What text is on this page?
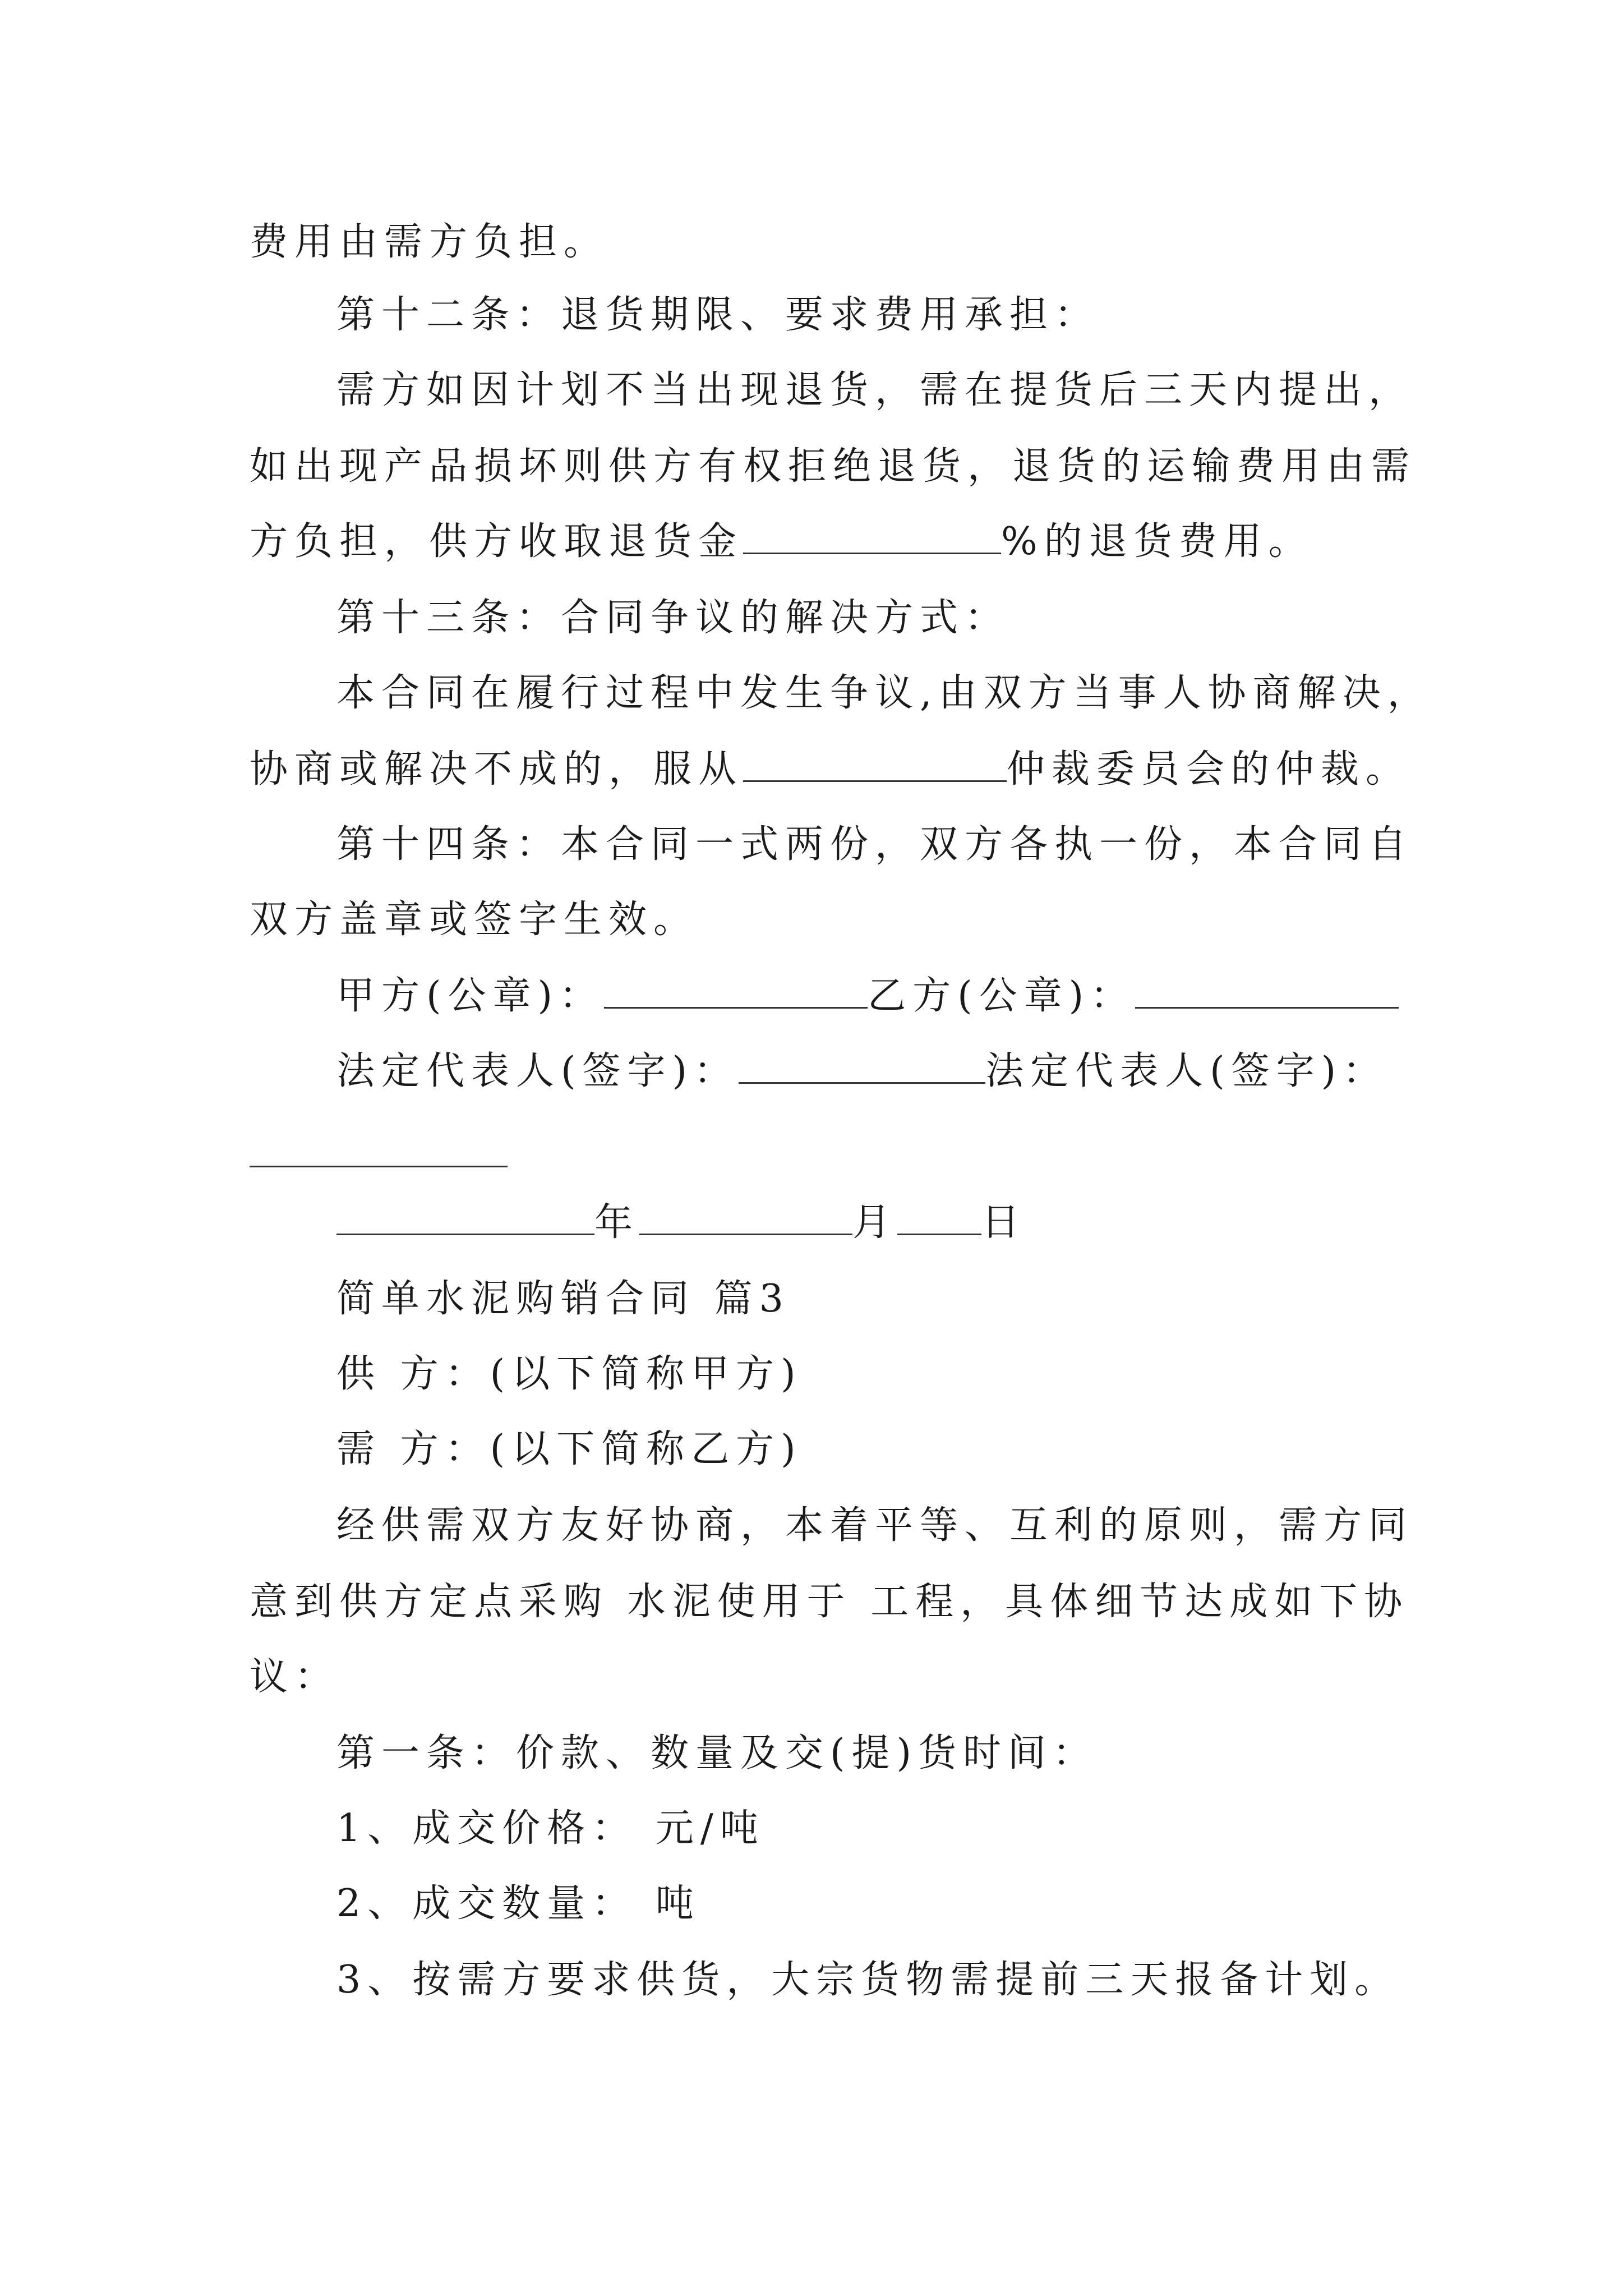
费用由需方负担。
第十二条：退货期限、要求费用承担：
需方如因计划不当出现退货，需在提货后三天内提出，
如出现产品损坏则供方有权拒绝退货，退货的运输费用由需
方负担，供方收取退货金	%的退货费用。
第十三条：合同争议的解决方式：
本合同在履行过程中发生争议,由双方当事人协商解决，
协商或解决不成的，服从	仲裁委员会的仲裁。
第十四条：本合同一式两份，双方各执一份，本合同自
双方盖章或签字生效。
甲方(公章)：	乙方(公章)：
法定代表人(签字)：	法定代表人(签字)：
年	月 日
简单水泥购销合同 篇3
供 方：(以下简称甲方)
需 方：(以下简称乙方)
经供需双方友好协商，本着平等、互利的原则，需方同
意到供方定点采购 水泥使用于 工程，具体细节达成如下协
议：
第一条：价款、数量及交(提)货时间：
1、成交价格： 元/吨
2、成交数量： 吨
3、按需方要求供货，大宗货物需提前三天报备计划。
